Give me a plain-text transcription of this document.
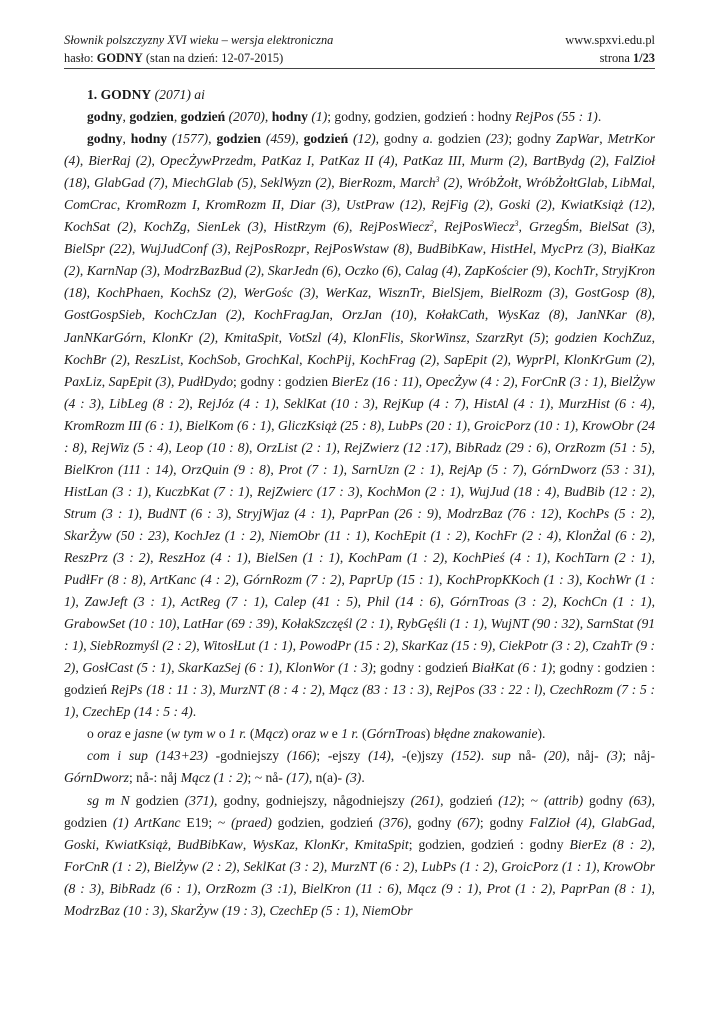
Słownik polszczyzny XVI wieku – wersja elektroniczna	www.spxvi.edu.pl
hasło: GODNY (stan na dzień: 12-07-2015)	strona 1/23

1. GODNY (2071) ai

godny, godzien, godzień (2070), hodny (1); godny, godzien, godzień : hodny RejPos (55 : 1).

godny, hodny (1577), godzien (459), godzień (12), godny a. godzien (23); godny ZapWar, MetrKor (4), BierRaj (2), OpecŻywPrzedm, PatKaz I, PatKaz II (4), PatKaz III, Murm (2), BartBydg (2), FalZioł (18), GlabGad (7), MiechGlab (5), SeklWyzn (2), BierRozm, March$^3$ (2), WróbŻołt, WróbŻołtGlab, LibMal, ComCrac, KromRozm I, KromRozm II, Diar (3), UstPraw (12), RejFig (2), Goski (2), KwiatKsiąż (12), KochSat (2), KochZg, SienLek (3), HistRzym (6), RejPosWiecz$^2$, RejPosWiecz$^3$, GrzegŚm, BielSat (3), BielSpr (22), WujJudConf (3), RejPosRozpr, RejPosWstaw (8), BudBibKaw, HistHel, MycPrz (3), BiałKaz (2), KarnNap (3), ModrzBazBud (2), SkarJedn (6), Oczko (6), Calag (4), ZapKościer (9), KochTr, StryjKron (18), KochPhaen, KochSz (2), WerGośc (3), WerKaz, WisznTr, BielSjem, BielRozm (3), GostGosp (8), GostGospSieb, KochCzJan (2), KochFragJan, OrzJan (10), KołakCath, WysKaz (8), JanNKar (8), JanNKarGórn, KlonKr (2), KmitaSpit, VotSzl (4), KlonFlis, SkorWinsz, SzarzRyt (5); godzien KochZuz, KochBr (2), ReszList, KochSob, GrochKal, KochPij, KochFrag (2), SapEpit (2), WyprPl, KlonKrGum (2), PaxLiz, SapEpit (3), PudłDydo; godny : godzien BierEz (16 : 11), OpecŻyw (4 : 2), ForCnR (3 : 1), BielŻyw (4 : 3), LibLeg (8 : 2), RejJóz (4 : 1), SeklKat (10 : 3), RejKup (4 : 7), HistAl (4 : 1), MurzHist (6 : 4), KromRozm III (6 : 1), BielKom (6 : 1), GliczKsiąż (25 : 8), LubPs (20 : 1), GroicPorz (10 : 1), KrowObr (24 : 8), RejWiz (5 : 4), Leop (10 : 8), OrzList (2 : 1), RejZwierz (12 :17), BibRadz (29 : 6), OrzRozm (51 : 5), BielKron (111 : 14), OrzQuin (9 : 8), Prot (7 : 1), SarnUzn (2 : 1), RejAp (5 : 7), GórnDworz (53 : 31), HistLan (3 : 1), KuczbKat (7 : 1), RejZwierc (17 : 3), KochMon (2 : 1), WujJud (18 : 4), BudBib (12 : 2), Strum (3 : 1), BudNT (6 : 3), StryjWjaz (4 : 1), PaprPan (26 : 9), ModrzBaz (76 : 12), KochPs (5 : 2), SkarŻyw (50 : 23), KochJez (1 : 2), NiemObr (11 : 1), KochEpit (1 : 2), KochFr (2 : 4), KlonŻal (6 : 2), ReszPrz (3 : 2), ReszHoz (4 : 1), BielSen (1 : 1), KochPam (1 : 2), KochPieś (4 : 1), KochTarn (2 : 1), PudłFr (8 : 8), ArtKanc (4 : 2), GórnRozm (7 : 2), PaprUp (15 : 1), KochPropKKoch (1 : 3), KochWr (1 : 1), ZawJeft (3 : 1), ActReg (7 : 1), Calep (41 : 5), Phil (14 : 6), GórnTroas (3 : 2), KochCn (1 : 1), GrabowSet (10 : 10), LatHar (69 : 39), KołakSzczęśl (2 : 1), RybGęśli (1 : 1), WujNT (90 : 32), SarnStat (91 : 1), SiebRozmyśl (2 : 2), WitosłLut (1 : 1), PowodPr (15 : 2), SkarKaz (15 : 9), CiekPotr (3 : 2), CzahTr (9 : 2), GosłCast (5 : 1), SkarKazSej (6 : 1), KlonWor (1 : 3); godny : godzień BiałKat (6 : 1); godny : godzien : godzień RejPs (18 : 11 : 3), MurzNT (8 : 4 : 2), Mącz (83 : 13 : 3), RejPos (33 : 22 : l), CzechRozm (7 : 5 : 1), CzechEp (14 : 5 : 4).

o oraz e jasne (w tym w o 1 r. (Mącz) oraz w e 1 r. (GórnTroas) błędne znakowanie).

com i sup (143+23) -godniejszy (166); -ejszy (14), -(e)jszy (152). sup nå- (20), nåj- (3); nåj- GórnDworz; nå-: nåj Mącz (1 : 2); ~ nå- (17), n(a)- (3).

sg m N godzien (371), godny, godniejszy, någodniejszy (261), godzień (12); ~ (attrib) godny (63), godzien (1) ArtKanc E19; ~ (praed) godzien, godzień (376), godny (67); godny FalZioł (4), GlabGad, Goski, KwiatKsiąż, BudBibKaw, WysKaz, KlonKr, KmitaSpit; godzien, godzień : godny BierEz (8 : 2), ForCnR (1 : 2), BielŻyw (2 : 2), SeklKat (3 : 2), MurzNT (6 : 2), LubPs (1 : 2), GroicPorz (1 : 1), KrowObr (8 : 3), BibRadz (6 : 1), OrzRozm (3 :1), BielKron (11 : 6), Mącz (9 : 1), Prot (1 : 2), PaprPan (8 : 1), ModrzBaz (10 : 3), SkarŻyw (19 : 3), CzechEp (5 : 1), NiemObr
